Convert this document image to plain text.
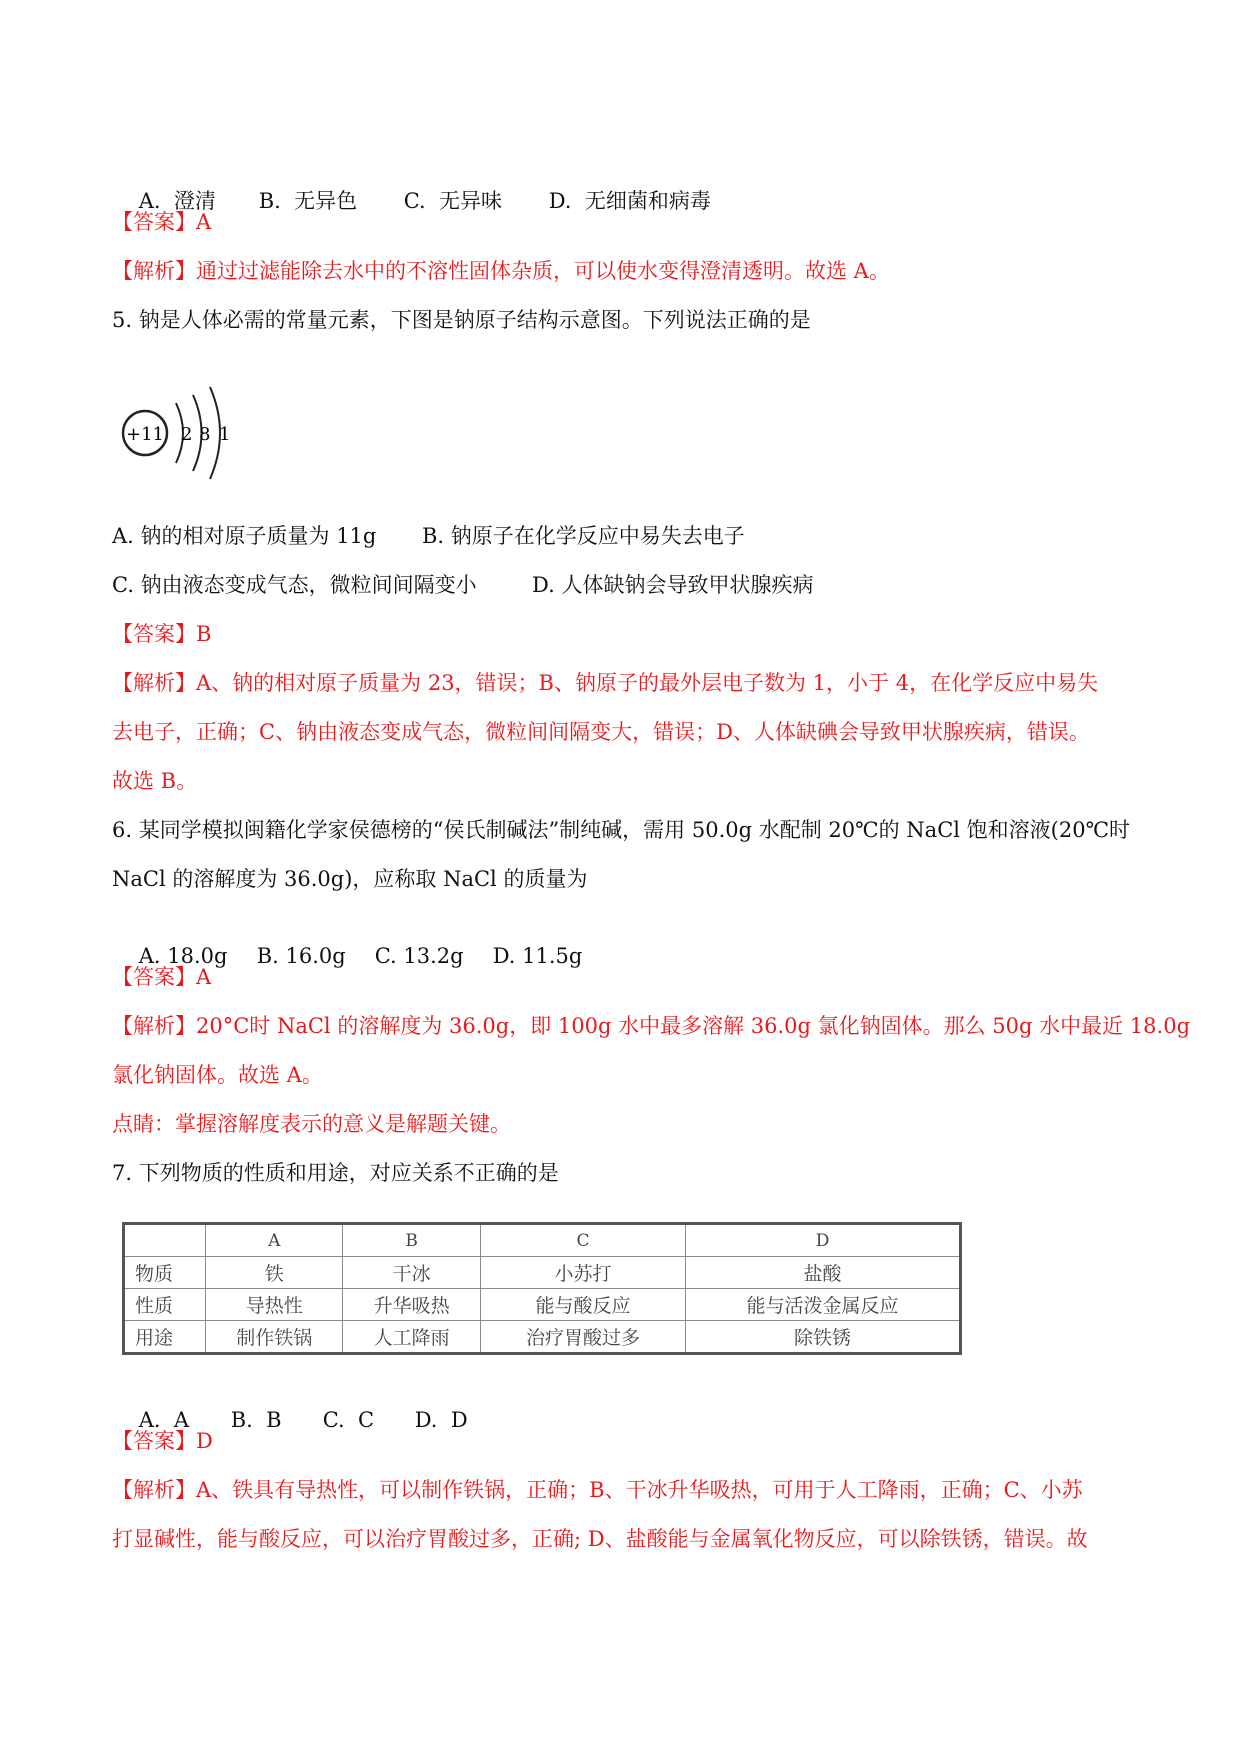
A.  澄清 B.  无异色 C.  无异味 D.  无细菌和病毒

【答案】A
【解析】通过过滤能除去水中的不溶性固体杂质，可以使水变得澄清透明。故选 A。
5. 钠是人体必需的常量元素，下图是钠原子结构示意图。下列说法正确的是
+11 2 8 1
A. 钠的相对原子质量为 11g B. 钠原子在化学反应中易失去电子
C. 钠由液态变成气态，微粒间间隔变小	D. 人体缺钠会导致甲状腺疾病
【答案】B
【解析】A、钠的相对原子质量为 23，错误；B、钠原子的最外层电子数为 1，小于 4，在化学反应中易失
去电子，正确；C、钠由液态变成气态，微粒间间隔变大，错误；D、人体缺碘会导致甲状腺疾病，错误。
故选 B。
6. 某同学模拟闽籍化学家侯德榜的“侯氏制碱法”制纯碱，需用 50.0g 水配制 20℃的 NaCl 饱和溶液(20℃时
NaCl 的溶解度为 36.0g)，应称取 NaCl 的质量为

A. 18.0g B. 16.0g C. 13.2g D. 11.5g

【答案】A
【解析】20°C时 NaCl 的溶解度为 36.0g，即 100g 水中最多溶解 36.0g 氯化钠固体。那么 50g 水中最近 18.0g
氯化钠固体。故选 A。
点睛：掌握溶解度表示的意义是解题关键。
7. 下列物质的性质和用途，对应关系不正确的是
	A	B	C	D
物质	铁	干冰	小苏打	盐酸
性质	导热性	升华吸热	能与酸反应	能与活泼金属反应
用途	制作铁锅	人工降雨	治疗胃酸过多	除铁锈

A.  A B.  B C.  C D.  D

【答案】D
【解析】A、铁具有导热性，可以制作铁锅，正确；B、干冰升华吸热，可用于人工降雨，正确；C、小苏
打显碱性，能与酸反应，可以治疗胃酸过多，正确; D、盐酸能与金属氧化物反应，可以除铁锈，错误。故
